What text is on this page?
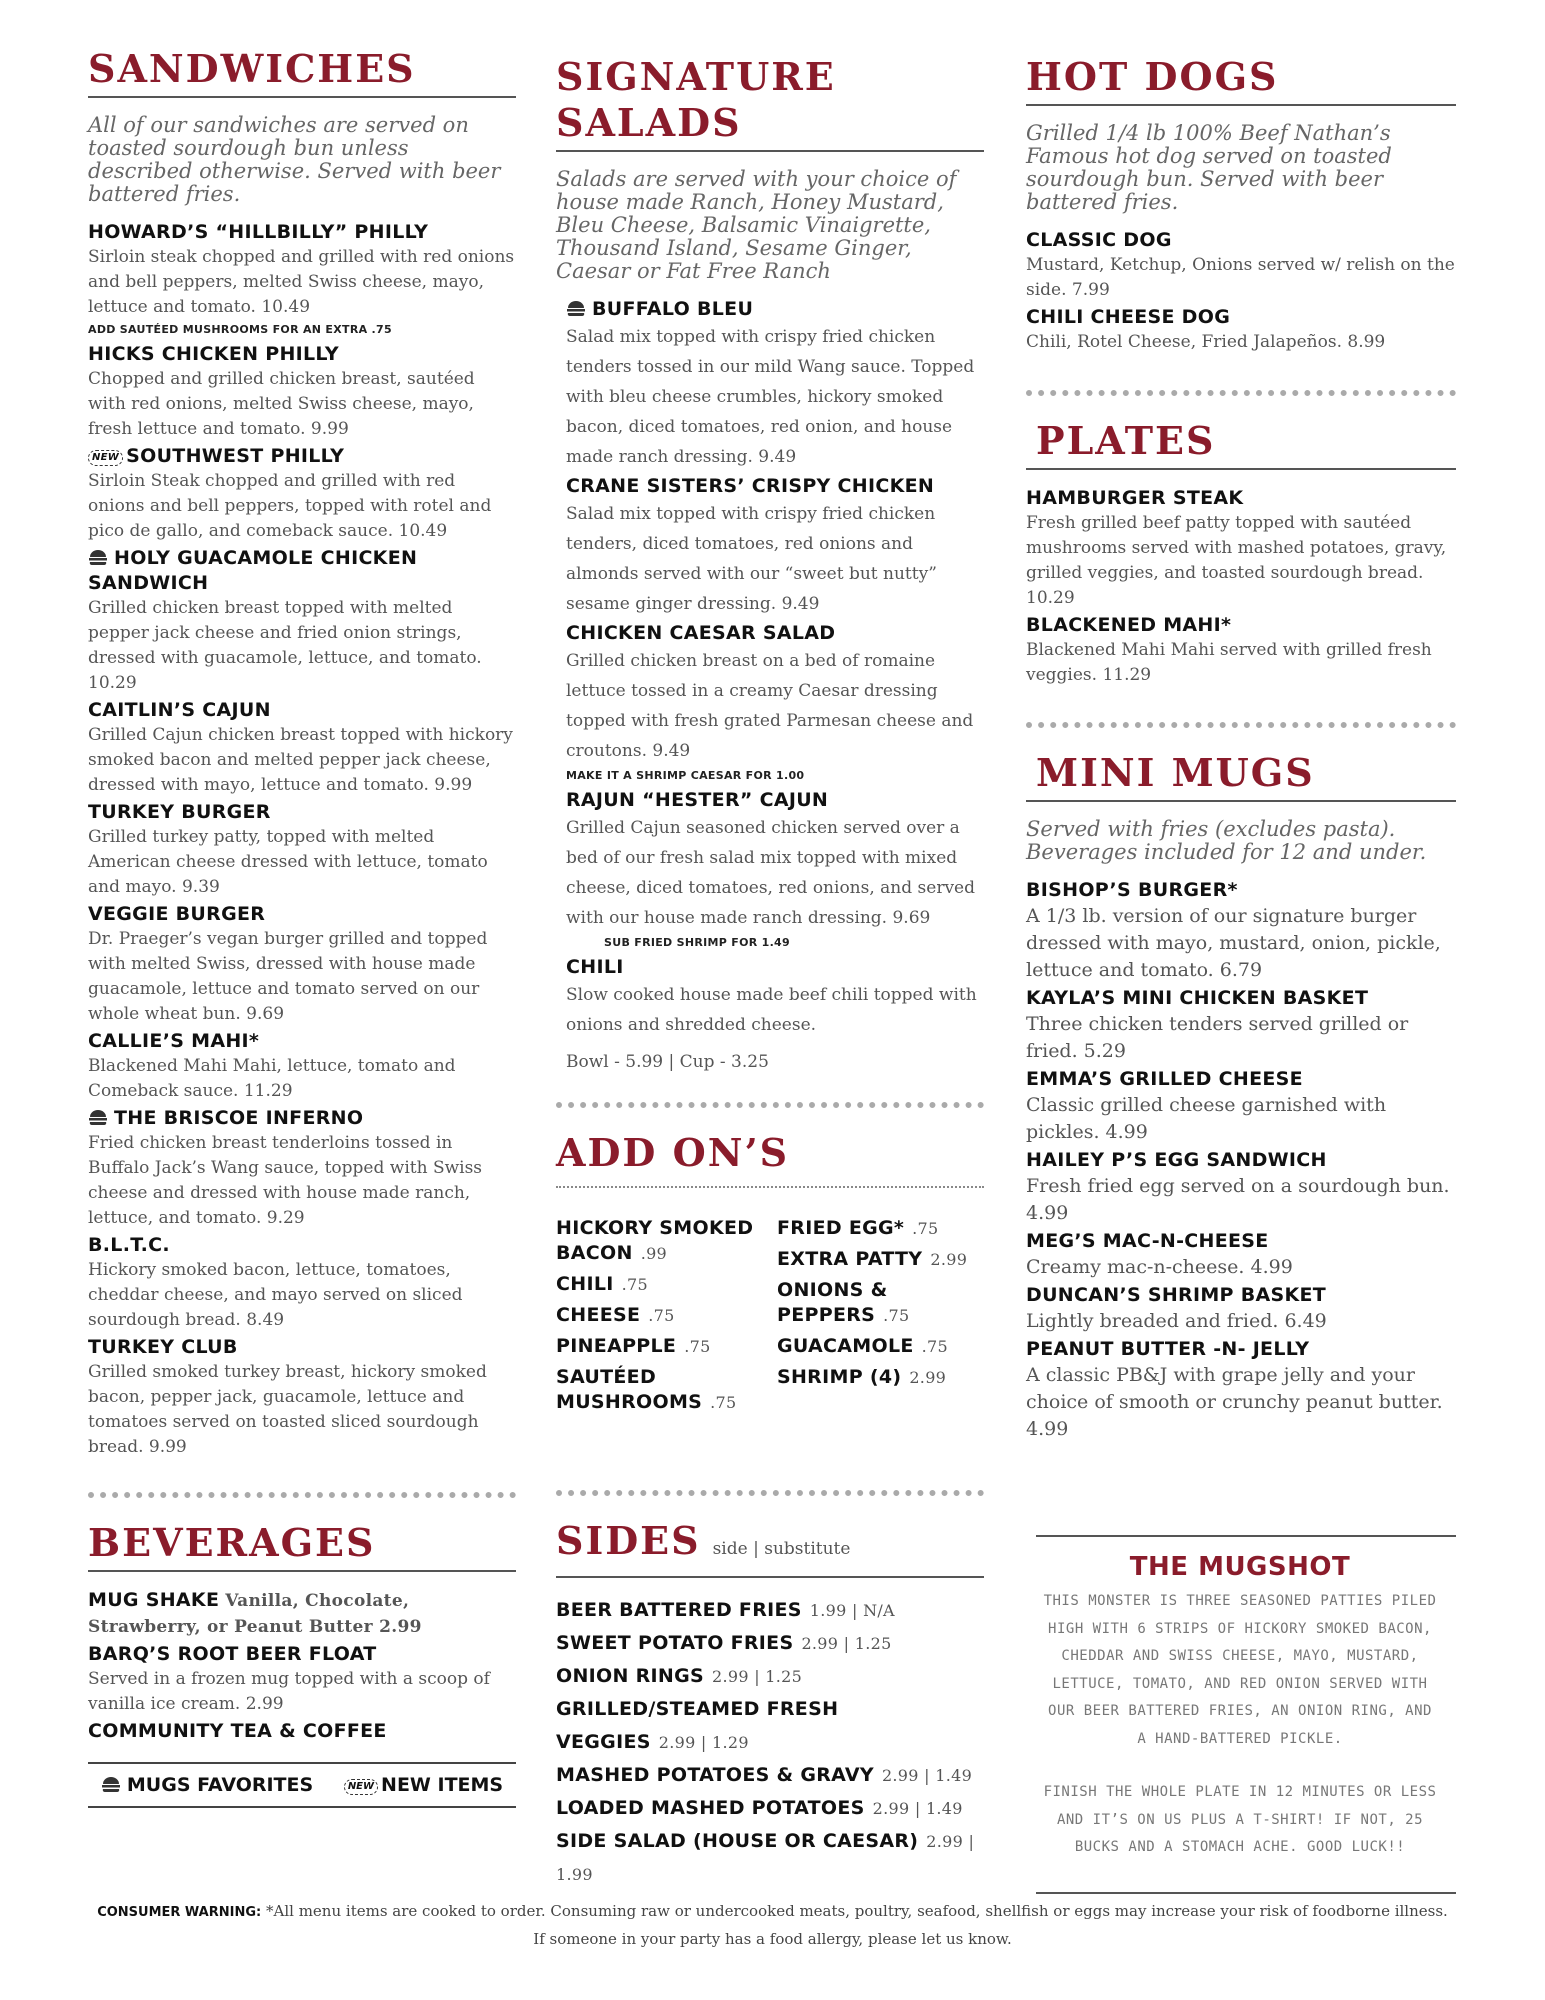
SANDWICHES
All of our sandwiches are served on toasted sourdough bun unless described otherwise. Served with beer battered fries.
HOWARD’S “HILLBILLY” PHILLY
Sirloin steak chopped and grilled with red onions and bell peppers, melted Swiss cheese, mayo, lettuce and tomato. 10.49
ADD SAUTÉED MUSHROOMS FOR AN EXTRA .75
HICKS CHICKEN PHILLY
Chopped and grilled chicken breast, sautéed with red onions, melted Swiss cheese, mayo, fresh lettuce and tomato. 9.99
NEW SOUTHWEST PHILLY
Sirloin Steak chopped and grilled with red onions and bell peppers, topped with rotel and pico de gallo, and comeback sauce. 10.49
HOLY GUACAMOLE CHICKEN SANDWICH
Grilled chicken breast topped with melted pepper jack cheese and fried onion strings, dressed with guacamole, lettuce, and tomato. 10.29
CAITLIN’S CAJUN
Grilled Cajun chicken breast topped with hickory smoked bacon and melted pepper jack cheese, dressed with mayo, lettuce and tomato. 9.99
TURKEY BURGER
Grilled turkey patty, topped with melted American cheese dressed with lettuce, tomato and mayo. 9.39
VEGGIE BURGER
Dr. Praeger’s vegan burger grilled and topped with melted Swiss, dressed with house made guacamole, lettuce and tomato served on our whole wheat bun. 9.69
CALLIE’S MAHI*
Blackened Mahi Mahi, lettuce, tomato and Comeback sauce. 11.29
THE BRISCOE INFERNO
Fried chicken breast tenderloins tossed in Buffalo Jack’s Wang sauce, topped with Swiss cheese and dressed with house made ranch, lettuce, and tomato. 9.29
B.L.T.C.
Hickory smoked bacon, lettuce, tomatoes, cheddar cheese, and mayo served on sliced sourdough bread. 8.49
TURKEY CLUB
Grilled smoked turkey breast, hickory smoked bacon, pepper jack, guacamole, lettuce and tomatoes served on toasted sliced sourdough bread. 9.99
BEVERAGES
MUG SHAKE Vanilla, Chocolate, Strawberry, or Peanut Butter 2.99
BARQ’S ROOT BEER FLOAT
Served in a frozen mug topped with a scoop of vanilla ice cream. 2.99
COMMUNITY TEA & COFFEE
MUGS FAVORITES	NEW NEW ITEMS
SIGNATURE SALADS
Salads are served with your choice of house made Ranch, Honey Mustard, Bleu Cheese, Balsamic Vinaigrette, Thousand Island, Sesame Ginger, Caesar or Fat Free Ranch
BUFFALO BLEU
Salad mix topped with crispy fried chicken tenders tossed in our mild Wang sauce. Topped with bleu cheese crumbles, hickory smoked bacon, diced tomatoes, red onion, and house made ranch dressing. 9.49
CRANE SISTERS’ CRISPY CHICKEN
Salad mix topped with crispy fried chicken tenders, diced tomatoes, red onions and almonds served with our “sweet but nutty” sesame ginger dressing. 9.49
CHICKEN CAESAR SALAD
Grilled chicken breast on a bed of romaine lettuce tossed in a creamy Caesar dressing topped with fresh grated Parmesan cheese and croutons. 9.49
MAKE IT A SHRIMP CAESAR FOR 1.00
RAJUN “HESTER” CAJUN
Grilled Cajun seasoned chicken served over a bed of our fresh salad mix topped with mixed cheese, diced tomatoes, red onions, and served with our house made ranch dressing. 9.69
SUB FRIED SHRIMP FOR 1.49
CHILI
Slow cooked house made beef chili topped with onions and shredded cheese.
Bowl - 5.99 | Cup - 3.25
ADD ON’S
HICKORY SMOKED BACON .99
CHILI .75
CHEESE .75
PINEAPPLE .75
SAUTÉED MUSHROOMS .75
FRIED EGG* .75
EXTRA PATTY 2.99
ONIONS & PEPPERS .75
GUACAMOLE .75
SHRIMP (4) 2.99
SIDES side | substitute
BEER BATTERED FRIES 1.99 | N/A
SWEET POTATO FRIES 2.99 | 1.25
ONION RINGS 2.99 | 1.25
GRILLED/STEAMED FRESH VEGGIES 2.99 | 1.29
MASHED POTATOES & GRAVY 2.99 | 1.49
LOADED MASHED POTATOES 2.99 | 1.49
SIDE SALAD (HOUSE OR CAESAR) 2.99 | 1.99
HOT DOGS
Grilled 1/4 lb 100% Beef Nathan’s Famous hot dog served on toasted sourdough bun. Served with beer battered fries.
CLASSIC DOG
Mustard, Ketchup, Onions served w/ relish on the side. 7.99
CHILI CHEESE DOG
Chili, Rotel Cheese, Fried Jalapeños. 8.99
PLATES
HAMBURGER STEAK
Fresh grilled beef patty topped with sautéed mushrooms served with mashed potatoes, gravy, grilled veggies, and toasted sourdough bread. 10.29
BLACKENED MAHI*
Blackened Mahi Mahi served with grilled fresh veggies. 11.29
MINI MUGS
Served with fries (excludes pasta). Beverages included for 12 and under.
BISHOP’S BURGER*
A 1/3 lb. version of our signature burger dressed with mayo, mustard, onion, pickle, lettuce and tomato. 6.79
KAYLA’S MINI CHICKEN BASKET
Three chicken tenders served grilled or fried. 5.29
EMMA’S GRILLED CHEESE
Classic grilled cheese garnished with pickles. 4.99
HAILEY P’S EGG SANDWICH
Fresh fried egg served on a sourdough bun. 4.99
MEG’S MAC-N-CHEESE
Creamy mac-n-cheese. 4.99
DUNCAN’S SHRIMP BASKET
Lightly breaded and fried. 6.49
PEANUT BUTTER -N- JELLY
A classic PB&J with grape jelly and your choice of smooth or crunchy peanut butter. 4.99
THE MUGSHOT
THIS MONSTER IS THREE SEASONED PATTIES PILED HIGH WITH 6 STRIPS OF HICKORY SMOKED BACON, CHEDDAR AND SWISS CHEESE, MAYO, MUSTARD, LETTUCE, TOMATO, AND RED ONION SERVED WITH OUR BEER BATTERED FRIES, AN ONION RING, AND A HAND-BATTERED PICKLE.
FINISH THE WHOLE PLATE IN 12 MINUTES OR LESS AND IT’S ON US PLUS A T-SHIRT! IF NOT, 25 BUCKS AND A STOMACH ACHE. GOOD LUCK!!
CONSUMER WARNING: *All menu items are cooked to order. Consuming raw or undercooked meats, poultry, seafood, shellfish or eggs may increase your risk of foodborne illness.
If someone in your party has a food allergy, please let us know.
